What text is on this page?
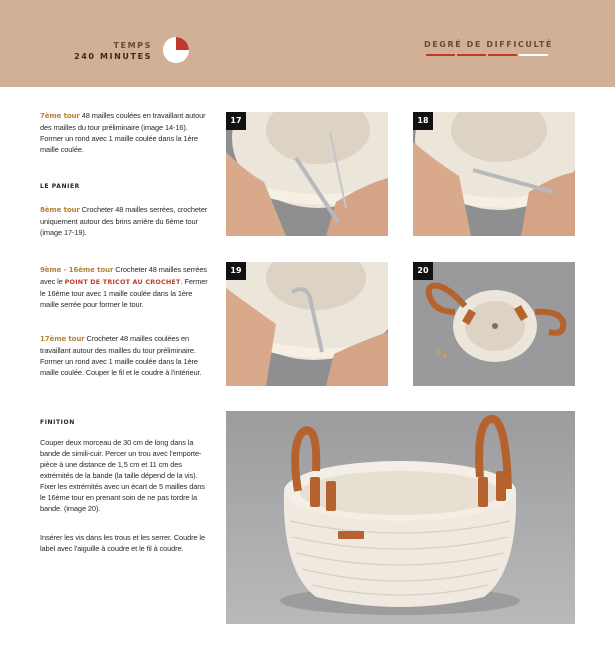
TEMPS
240 MINUTES
DEGRÉ DE DIFFICULTÉ
7ème tour 48 mailles coulées en travaillant autour des mailles du tour préliminaire (image 14-16). Former un rond avec 1 maille coulée dans la 1ère maille coulée.
LE PANIER
8ème tour Crocheter 48 mailles serrées, crocheter uniquement autour des brins arrière du 6ème tour (image 17-19).
9ème - 16ème tour Crocheter 48 mailles serrées avec le POINT DE TRICOT AU CROCHET. Fermer le 16ème tour avec 1 maille coulée dans la 1ère maille serrée pour former le tour.
17ème tour Crocheter 48 mailles coulées en travaillant autour des mailles du tour préliminaire. Former un rond avec 1 maille coulée dans la 1ère maille coulée. Couper le fil et le coudre à l'intérieur.
FINITION
Couper deux morceau de 30 cm de long dans la bande de simili-cuir. Percer un trou avec l'emporte-pièce à une distance de 1,5 cm et 11 cm des extrémités de la bande (la taille dépend de la vis). Fixer les extrémités avec un écart de 5 mailles dans le 16ème tour en prenant soin de ne pas tordre la bande. (image 20).
Insérer les vis dans les trous et les serrer. Coudre le label avec l'aiguille à coudre et le fil à coudre.
17	18
19	20
